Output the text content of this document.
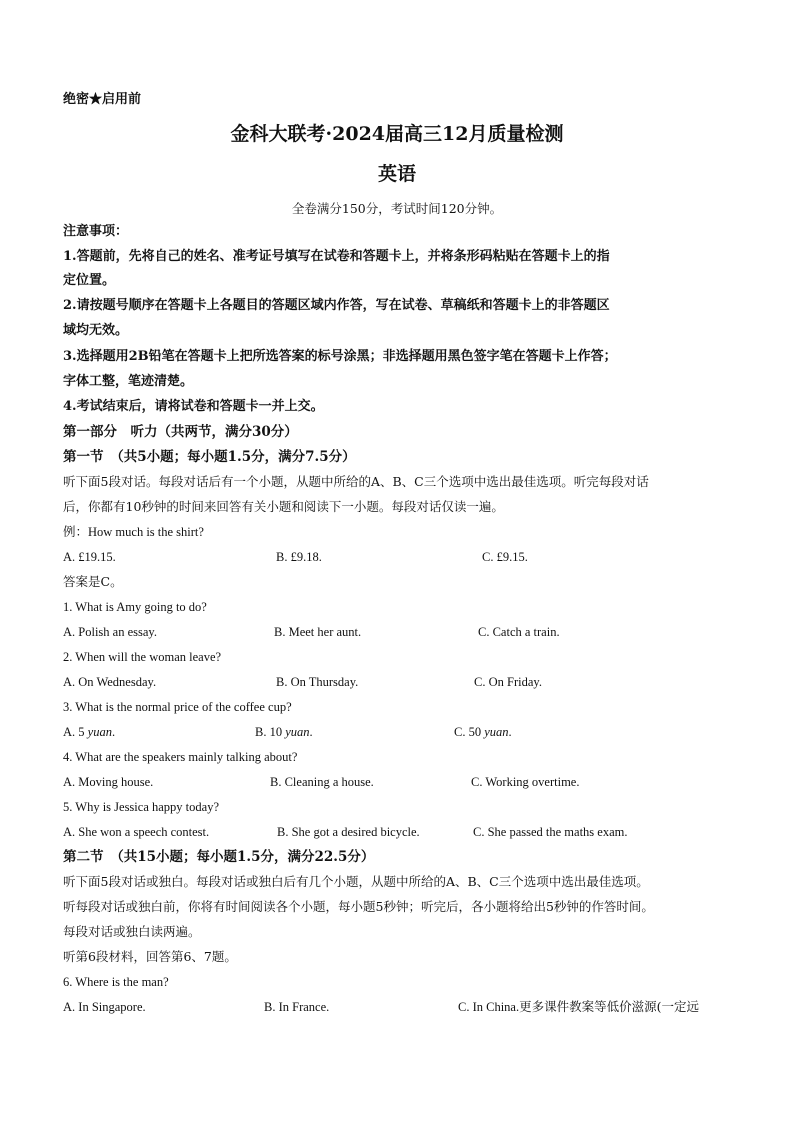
绝密★启用前
金科大联考·2024届高三12月质量检测
英语
全卷满分150分，考试时间120分钟。
注意事项：
1.答题前，先将自己的姓名、准考证号填写在试卷和答题卡上，并将条形码粘贴在答题卡上的指
定位置。
2.请按题号顺序在答题卡上各题目的答题区域内作答，写在试卷、草稿纸和答题卡上的非答题区
域均无效。
3.选择题用2B铅笔在答题卡上把所选答案的标号涂黑；非选择题用黑色签字笔在答题卡上作答；
字体工整，笔迹清楚。
4.考试结束后，请将试卷和答题卡一并上交。
第一部分　听力（共两节，满分30分）
第一节　（共5小题；每小题1.5分，满分7.5分）
听下面5段对话。每段对话后有一个小题，从题中所给的A、B、C三个选项中选出最佳选项。听完每段对话
后，你都有10秒钟的时间来回答有关小题和阅读下一小题。每段对话仅读一遍。
例：How much is the shirt?
A. £19.15.	B. £9.18.	C. £9.15.
答案是C。
1. What is Amy going to do?
A. Polish an essay.	B. Meet her aunt.	C. Catch a train.
2. When will the woman leave?
A. On Wednesday.	B. On Thursday.	C. On Friday.
3. What is the normal price of the coffee cup?
A. 5 yuan.	B. 10 yuan.	C. 50 yuan.
4. What are the speakers mainly talking about?
A. Moving house.	B. Cleaning a house.	C. Working overtime.
5. Why is Jessica happy today?
A. She won a speech contest.	B. She got a desired bicycle.	C. She passed the maths exam.
第二节　（共15小题；每小题1.5分，满分22.5分）
听下面5段对话或独白。每段对话或独白后有几个小题，从题中所给的A、B、C三个选项中选出最佳选项。
听每段对话或独白前，你将有时间阅读各个小题，每小题5秒钟；听完后，各小题将给出5秒钟的作答时间。
每段对话或独白读两遍。
听第6段材料，回答第6、7题。
6. Where is the man?
A. In Singapore.	B. In France.	C. In China.更多课件教案等低价滋源(一定远
